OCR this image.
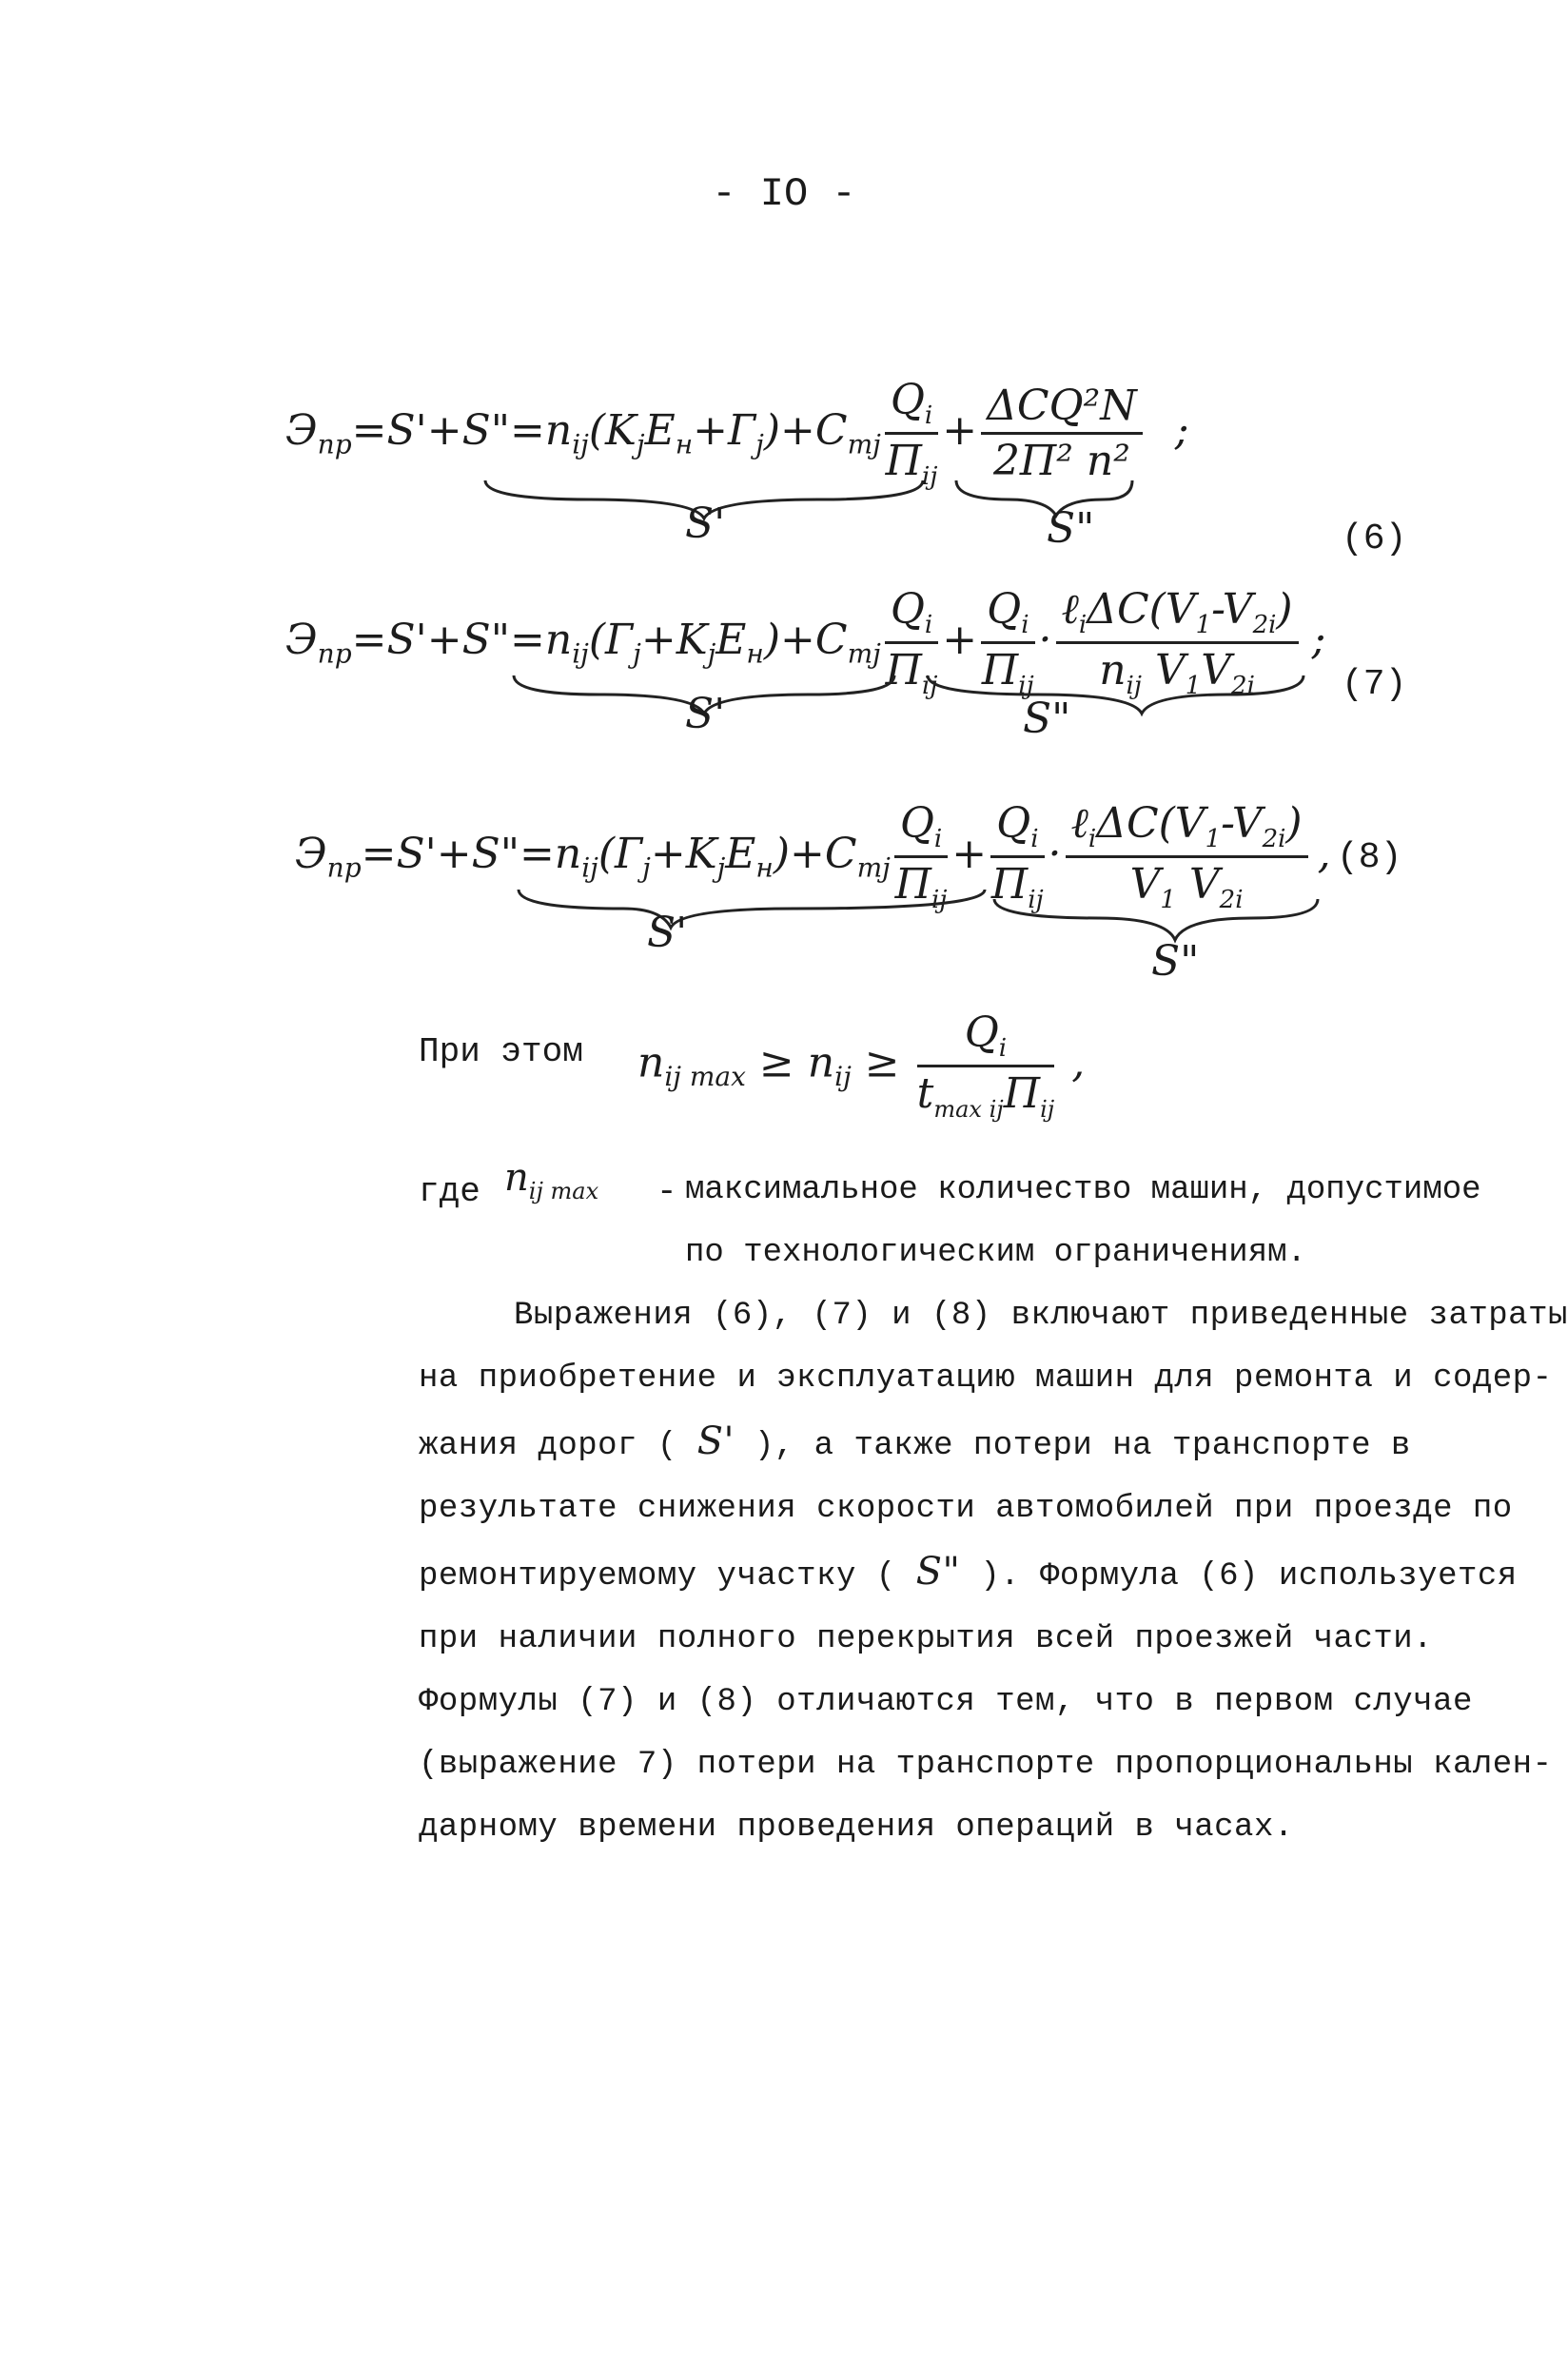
- IO -
$Э_{пр}=S'+S"=n_{ij}(K_jE_н+Г_j)+C_{mj} \frac{Q_i}{П_{ij}} + \frac{\text{ΔCQ²N}}{\text{2П² n²}}$ ;
S'	S"	(6)
$Э_{пр}=S'+S"=n_{ij}(Г_j+K_jE_н)+C_{mj} \frac{Q_i}{П_{ij}} + \frac{Q_i}{П_{ij}} \cdot \frac{\ell_i\Delta C(V_1-V_{2i})}{n_{ij} V_1V_{2i}}$ ;
S'	S"
(7)
$Э_{пр}=S'+S"=n_{ij}(Г_j+K_jE_н)+C_{mj} \frac{Q_i}{П_{ij}} + \frac{Q_i}{П_{ij}} \cdot \frac{\ell_i\Delta C(V_1-V_{2i})}{V_1 V_{2i}}$ ,
S'
S"
(8)
При этом $n_{ij max} \ge n_{ij} \ge \frac{Q_i}{t_{max ij}П_{ij}}$ ,
где $n_{ij max}$ - максимальное количество машин, допустимое
по технологическим ограничениям.
Выражения (6), (7) и (8) включают приведенные затраты
на приобретение и эксплуатацию машин для ремонта и содер-
жания дорог ( S' ), а также потери на транспорте в
результате снижения скорости автомобилей при проезде по
ремонтируемому участку ( S" ). Формула (6) используется
при наличии полного перекрытия всей проезжей части.
Формулы (7) и (8) отличаются тем, что в первом случае
(выражение 7) потери на транспорте пропорциональны кален-
дарному времени проведения операций в часах.
